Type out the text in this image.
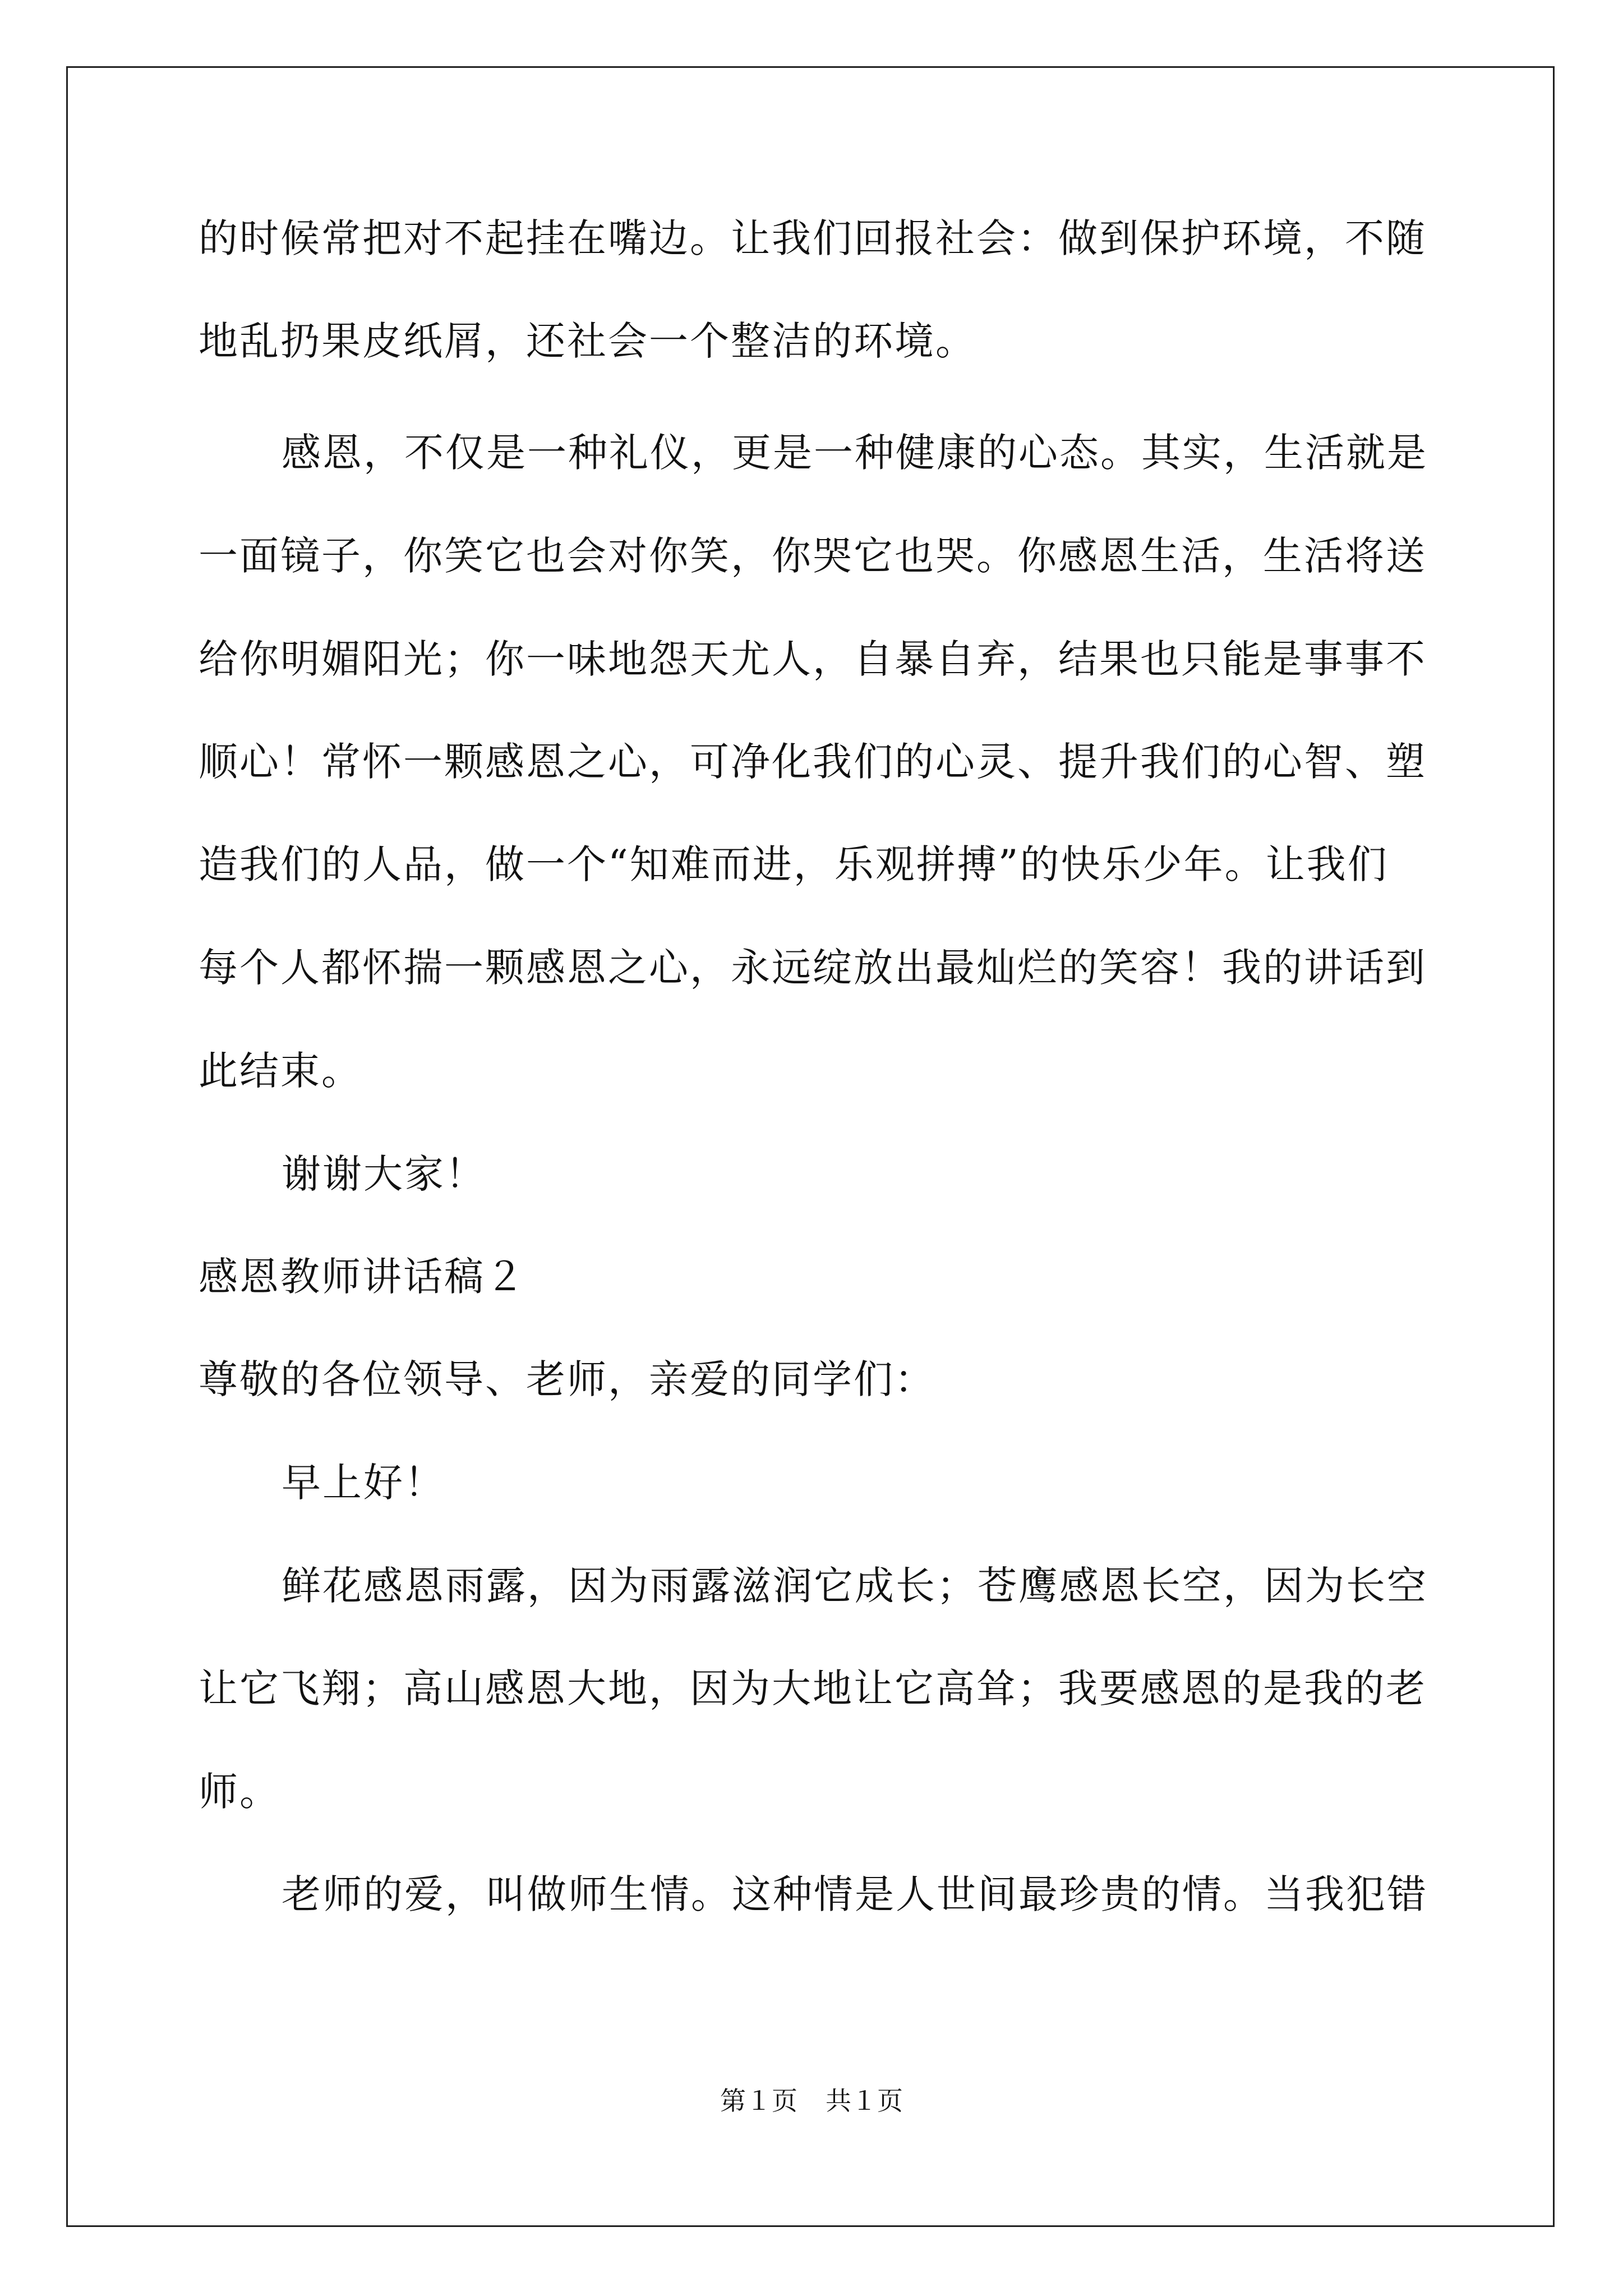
的时候常把对不起挂在嘴边。让我们回报社会：做到保护环境，不随
地乱扔果皮纸屑，还社会一个整洁的环境。
感恩，不仅是一种礼仪，更是一种健康的心态。其实，生活就是
一面镜子，你笑它也会对你笑，你哭它也哭。你感恩生活，生活将送
给你明媚阳光；你一味地怨天尤人，自暴自弃，结果也只能是事事不
顺心！常怀一颗感恩之心，可净化我们的心灵、提升我们的心智、塑
造我们的人品，做一个“知难而进，乐观拼搏”的快乐少年。让我们
每个人都怀揣一颗感恩之心，永远绽放出最灿烂的笑容！我的讲话到
此结束。
谢谢大家！
感恩教师讲话稿２
尊敬的各位领导、老师，亲爱的同学们：
早上好！
鲜花感恩雨露，因为雨露滋润它成长；苍鹰感恩长空，因为长空
让它飞翔；高山感恩大地，因为大地让它高耸；我要感恩的是我的老
师。
老师的爱，叫做师生情。这种情是人世间最珍贵的情。当我犯错
第１页 共１页
